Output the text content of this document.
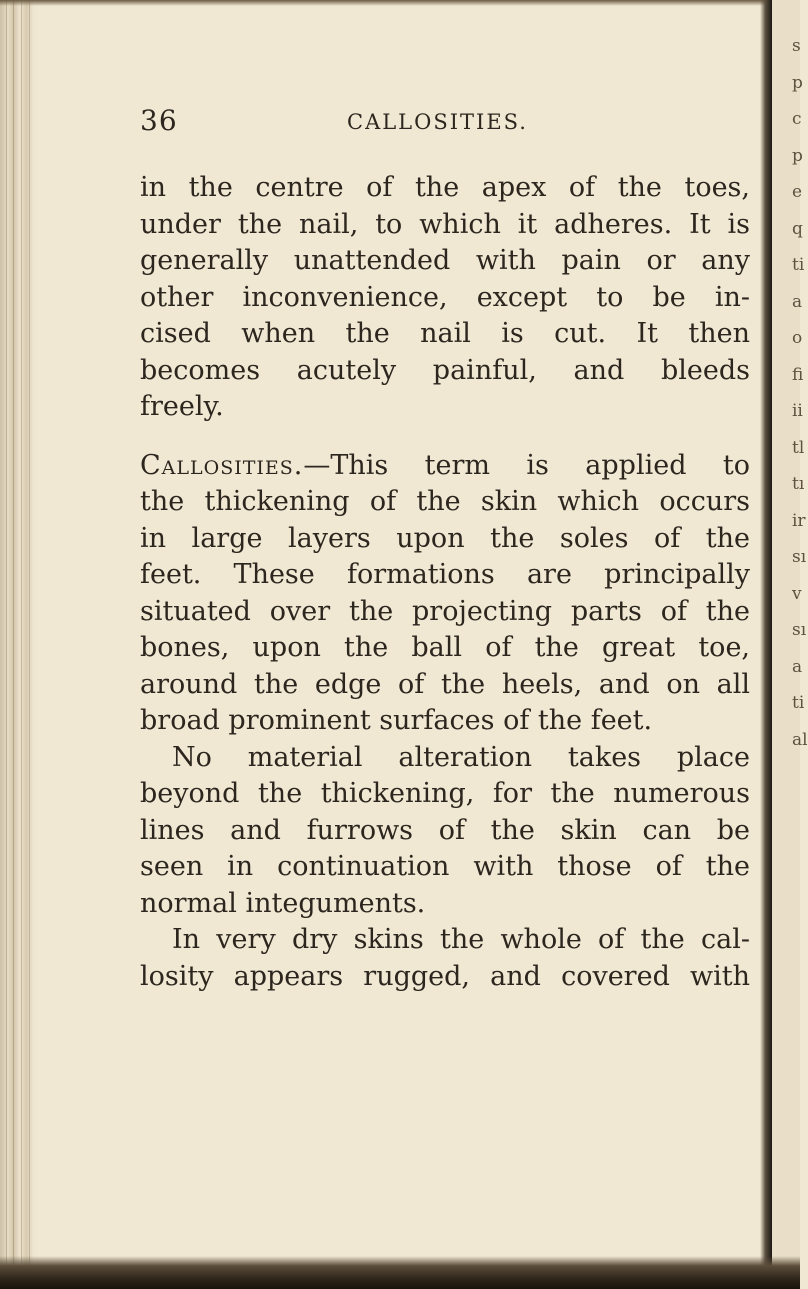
s
p
c
p
e
q
ti
a
o
fi
ii
tl
tı
ir
sı
v
sı
a
ti
al
36	CALLOSITIES.
in the centre of the apex of the toes,
under the nail, to which it adheres. It is
generally unattended with pain or any
other inconvenience, except to be in-
cised when the nail is cut. It then
becomes acutely painful, and bleeds
freely.
Callosities.—This term is applied to
the thickening of the skin which occurs
in large layers upon the soles of the
feet. These formations are principally
situated over the projecting parts of the
bones, upon the ball of the great toe,
around the edge of the heels, and on all
broad prominent surfaces of the feet.
No material alteration takes place
beyond the thickening, for the numerous
lines and furrows of the skin can be
seen in continuation with those of the
normal integuments.
In very dry skins the whole of the cal-
losity appears rugged, and covered with
